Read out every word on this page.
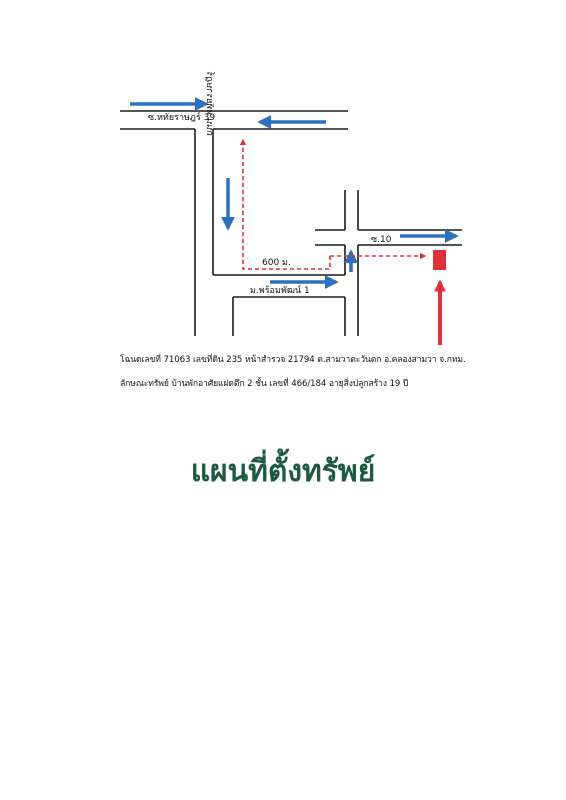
ซ.หทัยราษฎร์ 39
ถนน หทัยราษฎร์
ซ.10
600 ม.
ม.พร้อมพัฒน์ 1
โฉนดเลขที่ 71063 เลขที่ดิน 235 หน้าสำรวจ 21794 ต.สามวาตะวันตก อ.คลองสามวา จ.กทม.
ลักษณะทรัพย์ บ้านพักอาศัยแฝดตึก 2 ชั้น เลขที่ 466/184 อายุสิ่งปลูกสร้าง 19 ปี
แผนที่ตั้งทรัพย์
